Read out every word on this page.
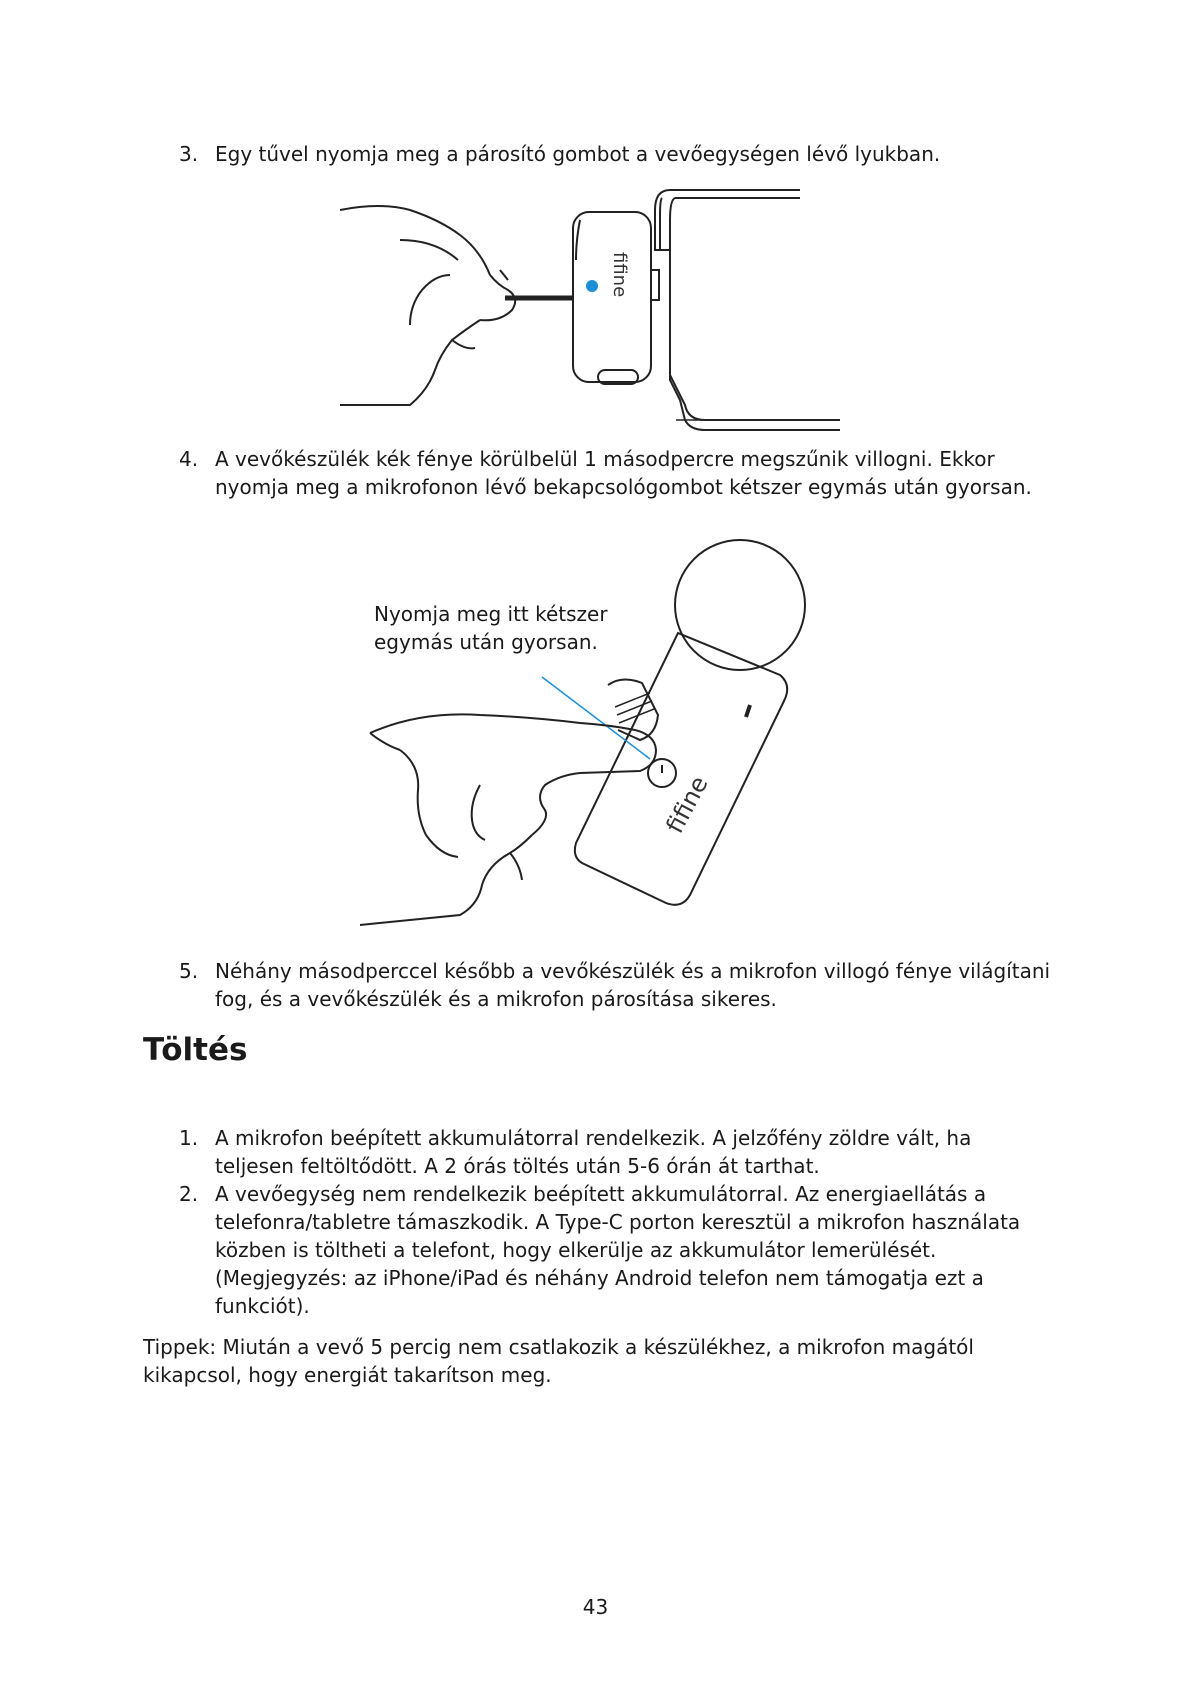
3. Egy tűvel nyomja meg a párosító gombot a vevőegységen lévő lyukban.
fifine
4. A vevőkészülék kék fénye körülbelül 1 másodpercre megszűnik villogni. Ekkor
nyomja meg a mikrofonon lévő bekapcsológombot kétszer egymás után gyorsan.
Nyomja meg itt kétszer
egymás után gyorsan.
fifine
5. Néhány másodperccel később a vevőkészülék és a mikrofon villogó fénye világítani
fog, és a vevőkészülék és a mikrofon párosítása sikeres.
Töltés
1. A mikrofon beépített akkumulátorral rendelkezik. A jelzőfény zöldre vált, ha
teljesen feltöltődött. A 2 órás töltés után 5-6 órán át tarthat.
2. A vevőegység nem rendelkezik beépített akkumulátorral. Az energiaellátás a
telefonra/tabletre támaszkodik. A Type-C porton keresztül a mikrofon használata
közben is töltheti a telefont, hogy elkerülje az akkumulátor lemerülését.
(Megjegyzés: az iPhone/iPad és néhány Android telefon nem támogatja ezt a
funkciót).
Tippek: Miután a vevő 5 percig nem csatlakozik a készülékhez, a mikrofon magától
kikapcsol, hogy energiát takarítson meg.
43
